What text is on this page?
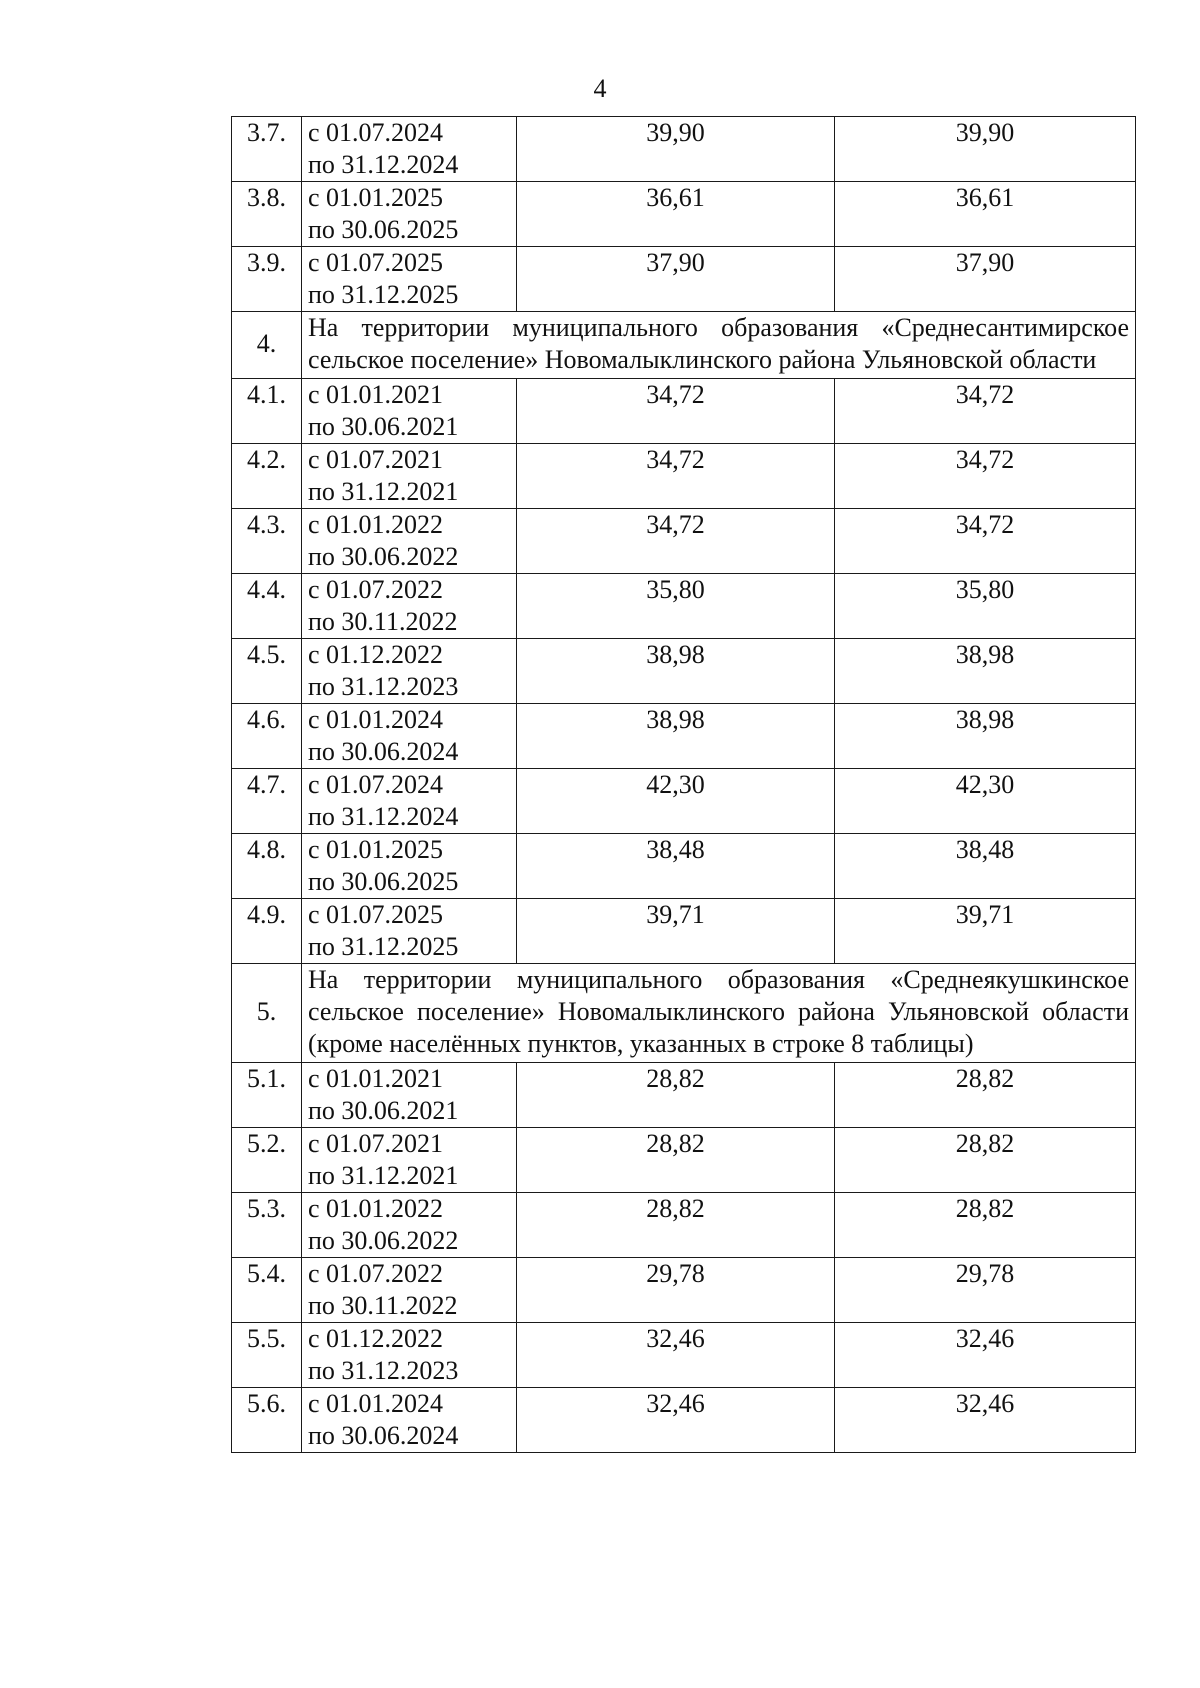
4
3.7.	с 01.07.2024
по 31.12.2024	39,90	39,90
3.8.	с 01.01.2025
по 30.06.2025	36,61	36,61
3.9.	с 01.07.2025
по 31.12.2025	37,90	37,90
4.	На территории муниципального образования «Среднесантимирское сельское поселение» Новомалыклинского района Ульяновской области		
4.1.	с 01.01.2021
по 30.06.2021	34,72	34,72
4.2.	с 01.07.2021
по 31.12.2021	34,72	34,72
4.3.	с 01.01.2022
по 30.06.2022	34,72	34,72
4.4.	с 01.07.2022
по 30.11.2022	35,80	35,80
4.5.	с 01.12.2022
по 31.12.2023	38,98	38,98
4.6.	с 01.01.2024
по 30.06.2024	38,98	38,98
4.7.	с 01.07.2024
по 31.12.2024	42,30	42,30
4.8.	с 01.01.2025
по 30.06.2025	38,48	38,48
4.9.	с 01.07.2025
по 31.12.2025	39,71	39,71
5.	На территории муниципального образования «Среднеякушкинское сельское поселение» Новомалыклинского района Ульяновской области (кроме населённых пунктов, указанных в строке 8 таблицы)		
5.1.	с 01.01.2021
по 30.06.2021	28,82	28,82
5.2.	с 01.07.2021
по 31.12.2021	28,82	28,82
5.3.	с 01.01.2022
по 30.06.2022	28,82	28,82
5.4.	с 01.07.2022
по 30.11.2022	29,78	29,78
5.5.	с 01.12.2022
по 31.12.2023	32,46	32,46
5.6.	с 01.01.2024
по 30.06.2024	32,46	32,46
